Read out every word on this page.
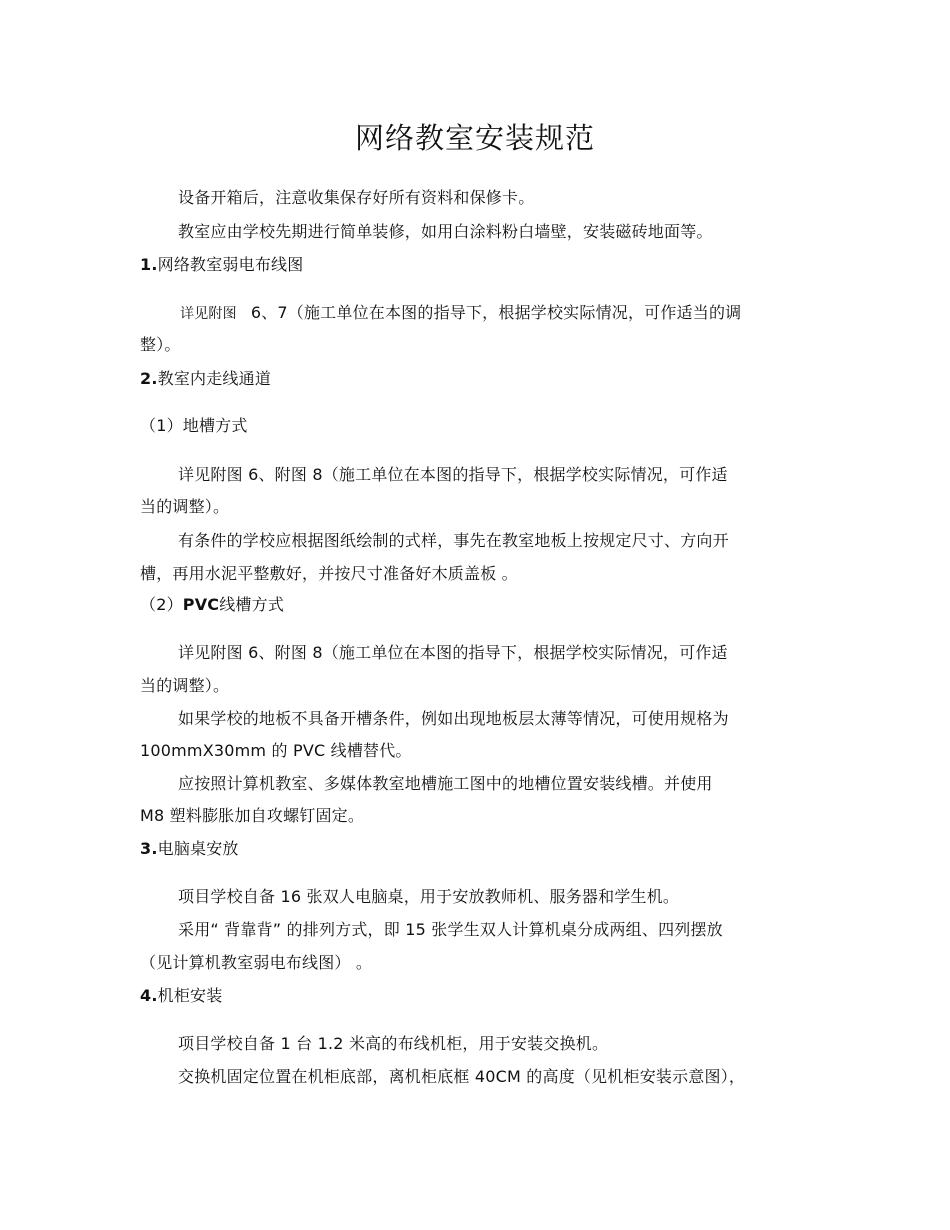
网络教室安装规范
设备开箱后，注意收集保存好所有资料和保修卡。
教室应由学校先期进行简单装修，如用白涂料粉白墙壁，安装磁砖地面等。
1.网络教室弱电布线图
详见附图 6、7（施工单位在本图的指导下，根据学校实际情况，可作适当的调
整）。
2.教室内走线通道
（1）地槽方式
详见附图 6、附图 8（施工单位在本图的指导下，根据学校实际情况，可作适
当的调整）。
有条件的学校应根据图纸绘制的式样，事先在教室地板上按规定尺寸、方向开
槽，再用水泥平整敷好，并按尺寸准备好木质盖板 。
（2）PVC线槽方式
详见附图 6、附图 8（施工单位在本图的指导下，根据学校实际情况，可作适
当的调整）。
如果学校的地板不具备开槽条件，例如出现地板层太薄等情况，可使用规格为
100mmX30mm 的 PVC 线槽替代。
应按照计算机教室、多媒体教室地槽施工图中的地槽位置安装线槽。并使用
M8 塑料膨胀加自攻螺钉固定。
3.电脑桌安放
项目学校自备 16 张双人电脑桌，用于安放教师机、服务器和学生机。
采用“ 背靠背” 的排列方式，即 15 张学生双人计算机桌分成两组、四列摆放
（见计算机教室弱电布线图） 。
4.机柜安装
项目学校自备 1 台 1.2 米高的布线机柜，用于安装交换机。
交换机固定位置在机柜底部，离机柜底框 40CM 的高度（见机柜安装示意图），
